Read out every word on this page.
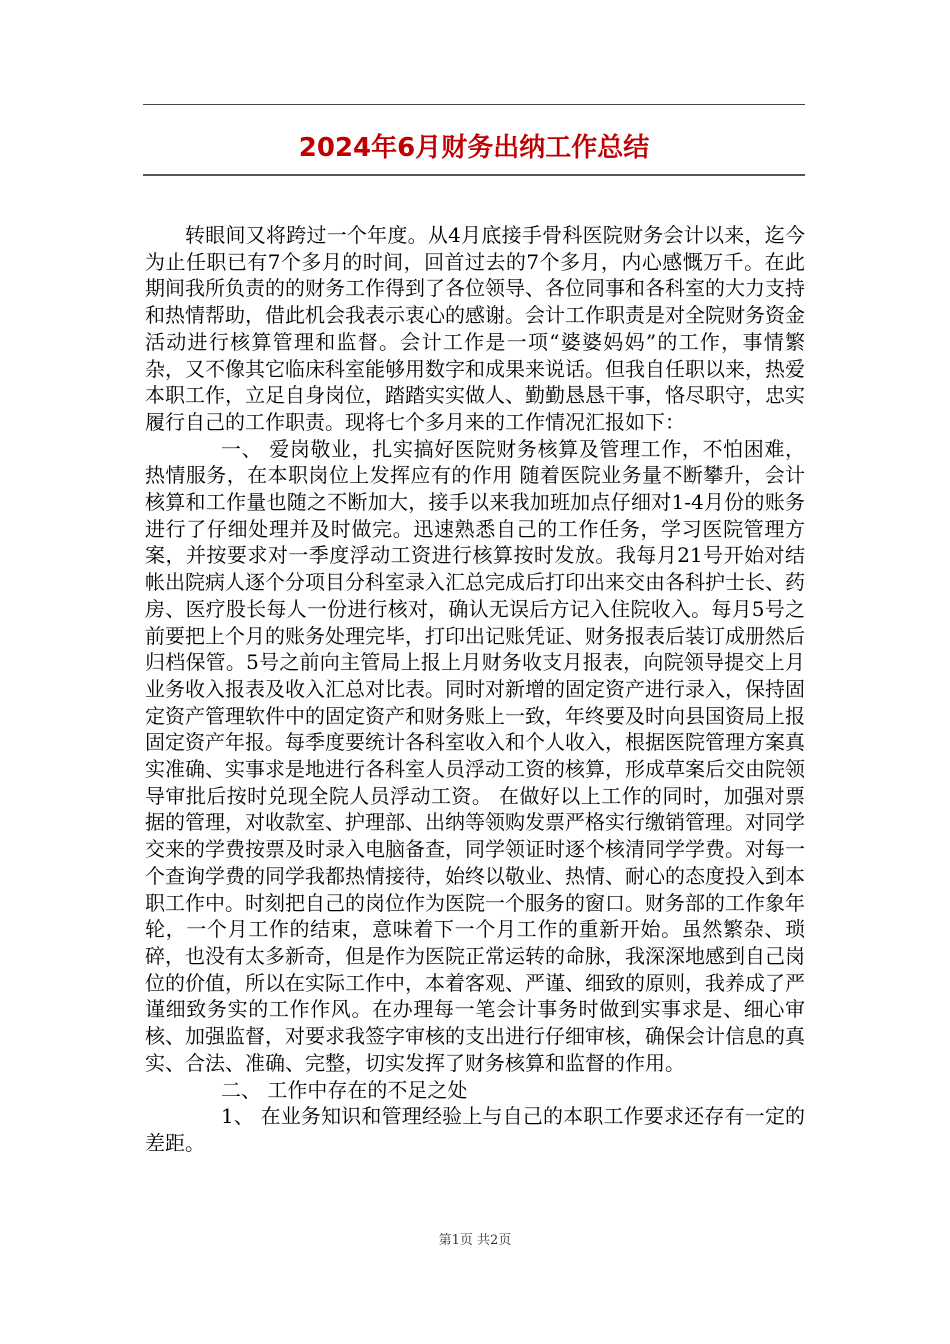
2024年6月财务出纳工作总结

转眼间又将跨过一个年度。从4月底接手骨科医院财务会计以来，迄今为止任职已有7个多月的时间，回首过去的7个多月，内心感慨万千。在此期间我所负责的的财务工作得到了各位领导、各位同事和各科室的大力支持和热情帮助，借此机会我表示衷心的感谢。会计工作职责是对全院财务资金活动进行核算管理和监督。会计工作是一项“婆婆妈妈”的工作，事情繁杂，又不像其它临床科室能够用数字和成果来说话。但我自任职以来，热爱本职工作，立足自身岗位，踏踏实实做人、勤勤恳恳干事，恪尽职守，忠实履行自己的工作职责。现将七个多月来的工作情况汇报如下：

一、 爱岗敬业，扎实搞好医院财务核算及管理工作，不怕困难，热情服务，在本职岗位上发挥应有的作用 随着医院业务量不断攀升，会计核算和工作量也随之不断加大，接手以来我加班加点仔细对1-4月份的账务进行了仔细处理并及时做完。迅速熟悉自己的工作任务，学习医院管理方案，并按要求对一季度浮动工资进行核算按时发放。我每月21号开始对结帐出院病人逐个分项目分科室录入汇总完成后打印出来交由各科护士长、药房、医疗股长每人一份进行核对，确认无误后方记入住院收入。每月5号之前要把上个月的账务处理完毕，打印出记账凭证、财务报表后装订成册然后归档保管。5号之前向主管局上报上月财务收支月报表，向院领导提交上月业务收入报表及收入汇总对比表。同时对新增的固定资产进行录入，保持固定资产管理软件中的固定资产和财务账上一致，年终要及时向县国资局上报固定资产年报。每季度要统计各科室收入和个人收入，根据医院管理方案真实准确、实事求是地进行各科室人员浮动工资的核算，形成草案后交由院领导审批后按时兑现全院人员浮动工资。 在做好以上工作的同时，加强对票据的管理，对收款室、护理部、出纳等领购发票严格实行缴销管理。对同学交来的学费按票及时录入电脑备查，同学领证时逐个核清同学学费。对每一个查询学费的同学我都热情接待，始终以敬业、热情、耐心的态度投入到本职工作中。时刻把自己的岗位作为医院一个服务的窗口。财务部的工作象年轮，一个月工作的结束，意味着下一个月工作的重新开始。虽然繁杂、琐碎，也没有太多新奇，但是作为医院正常运转的命脉，我深深地感到自己岗位的价值，所以在实际工作中，本着客观、严谨、细致的原则，我养成了严谨细致务实的工作作风。在办理每一笔会计事务时做到实事求是、细心审核、加强监督，对要求我签字审核的支出进行仔细审核，确保会计信息的真实、合法、准确、完整，切实发挥了财务核算和监督的作用。

二、 工作中存在的不足之处

1、 在业务知识和管理经验上与自己的本职工作要求还存有一定的差距。

第1页 共2页
